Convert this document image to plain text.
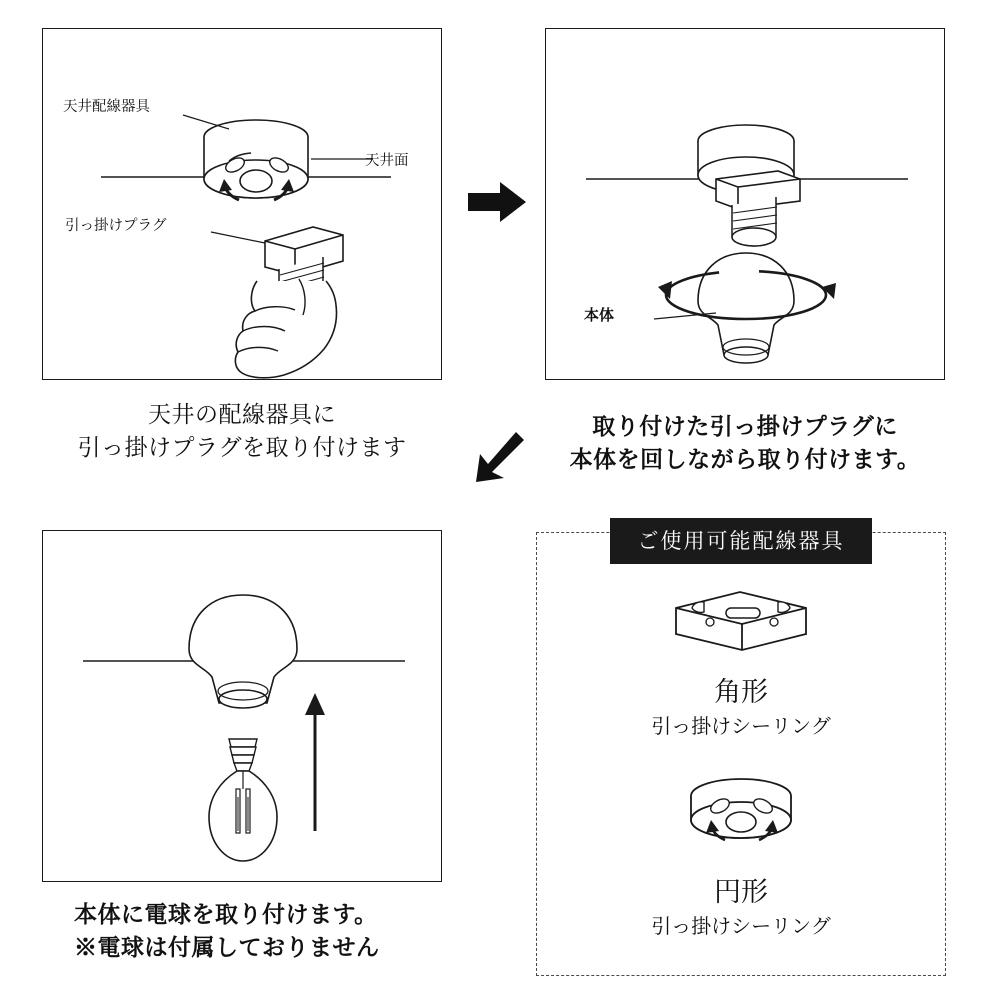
天井配線器具
天井面
引っ掛けプラグ
天井の配線器具に
引っ掛けプラグを取り付けます
本体
取り付けた引っ掛けプラグに
本体を回しながら取り付けます。
本体に電球を取り付けます。
※電球は付属しておりません
ご使用可能配線器具
角形
引っ掛けシーリング
円形
引っ掛けシーリング
